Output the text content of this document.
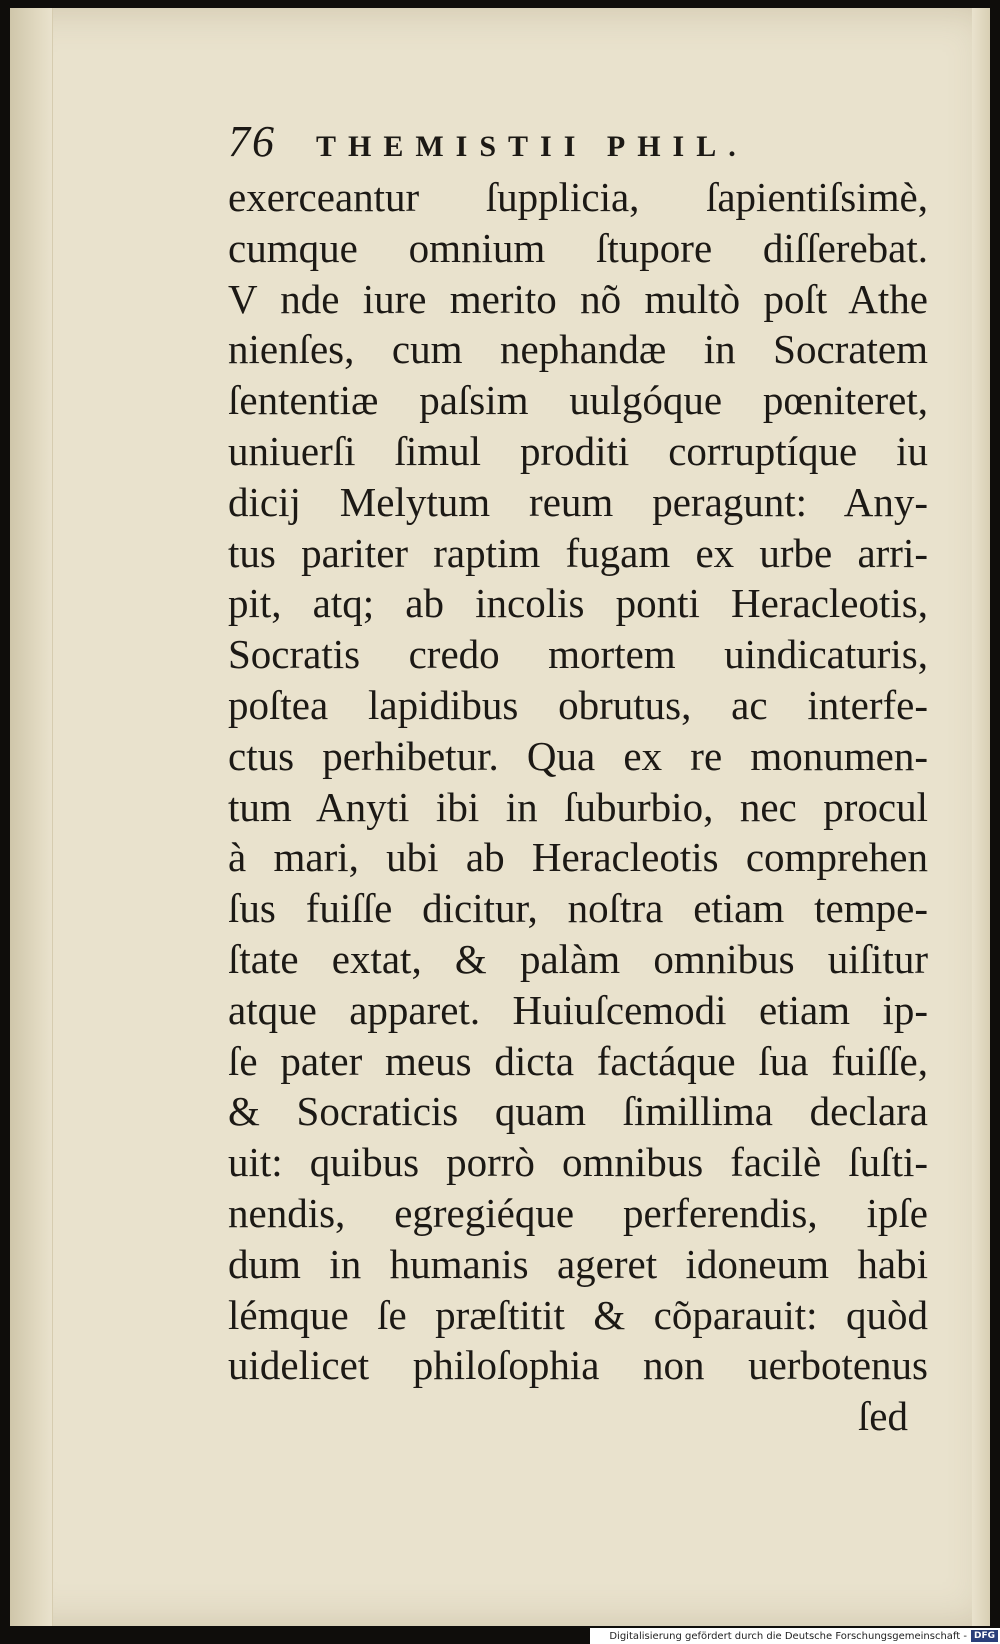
76 THEMISTII PHIL.
exerceantur ſupplicia, ſapientiſsimè,
cumque omnium ſtupore diſſerebat.
V nde iure merito nõ multò poſt Athe
nienſes, cum nephandæ in Socratem
ſententiæ paſsim uulgóque pœniteret,
uniuerſi ſimul proditi corruptíque iu
dicij Melytum reum peragunt: Any-
tus pariter raptim fugam ex urbe arri-
pit, atq; ab incolis ponti Heracleotis,
Socratis credo mortem uindicaturis,
poſtea lapidibus obrutus, ac interfe-
ctus perhibetur. Qua ex re monumen-
tum Anyti ibi in ſuburbio, nec procul
à mari, ubi ab Heracleotis comprehen
ſus fuiſſe dicitur, noſtra etiam tempe-
ſtate extat, & palàm omnibus uiſitur
atque apparet. Huiuſcemodi etiam ip-
ſe pater meus dicta factáque ſua fuiſſe,
& Socraticis quam ſimillima declara
uit: quibus porrò omnibus facilè ſuſti-
nendis, egregiéque perferendis, ipſe
dum in humanis ageret idoneum habi
lémque ſe præſtitit & cõparauit: quòd
uidelicet philoſophia non uerbotenus
ſed
Digitalisierung gefördert durch die Deutsche Forschungsgemeinschaft - DFG
